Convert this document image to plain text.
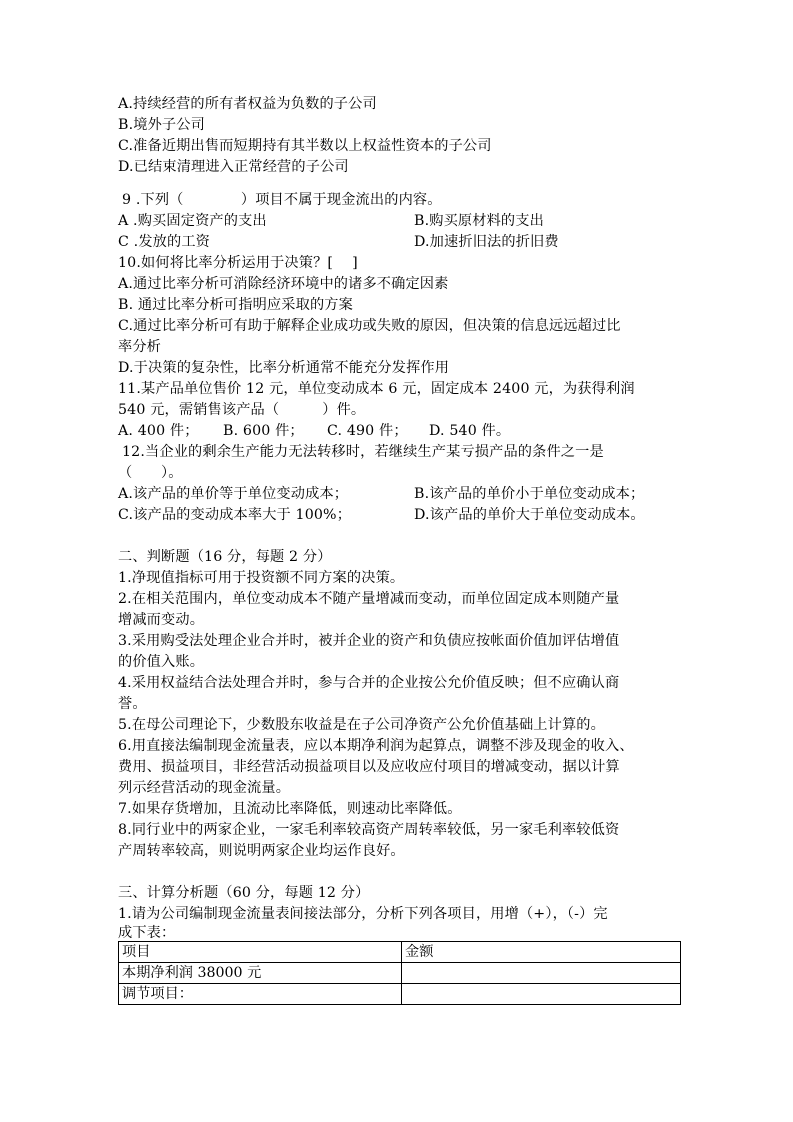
A.持续经营的所有者权益为负数的子公司
B.境外子公司
C.准备近期出售而短期持有其半数以上权益性资本的子公司
D.已结束清理进入正常经营的子公司
9 .下列（　　　　）项目不属于现金流出的内容。
A .购买固定资产的支出	B.购买原材料的支出
C .发放的工资	D.加速折旧法的折旧费
10.如何将比率分析运用于决策？[　 ]
A.通过比率分析可消除经济环境中的诸多不确定因素
B. 通过比率分析可指明应采取的方案
C.通过比率分析可有助于解释企业成功或失败的原因，但决策的信息远远超过比
率分析
D.于决策的复杂性，比率分析通常不能充分发挥作用
11.某产品单位售价 12 元，单位变动成本 6 元，固定成本 2400 元，为获得利润
540 元，需销售该产品（　　　）件。
A. 400 件； B. 600 件； C. 490 件； D. 540 件。
12.当企业的剩余生产能力无法转移时，若继续生产某亏损产品的条件之一是
（　　）。
A.该产品的单价等于单位变动成本；	B.该产品的单价小于单位变动成本；
C.该产品的变动成本率大于 100%；	D.该产品的单价大于单位变动成本。
二、判断题（16 分，每题 2 分）
1.净现值指标可用于投资额不同方案的决策。
2.在相关范围内，单位变动成本不随产量增减而变动，而单位固定成本则随产量
增减而变动。
3.采用购受法处理企业合并时，被并企业的资产和负债应按帐面价值加评估增值
的价值入账。
4.采用权益结合法处理合并时，参与合并的企业按公允价值反映；但不应确认商
誉。
5.在母公司理论下，少数股东收益是在子公司净资产公允价值基础上计算的。
6.用直接法编制现金流量表，应以本期净利润为起算点，调整不涉及现金的收入、
费用、损益项目，非经营活动损益项目以及应收应付项目的增减变动，据以计算
列示经营活动的现金流量。
7.如果存货增加，且流动比率降低，则速动比率降低。
8.同行业中的两家企业，一家毛利率较高资产周转率较低，另一家毛利率较低资
产周转率较高，则说明两家企业均运作良好。
三、计算分析题（60 分，每题 12 分）
1.请为公司编制现金流量表间接法部分，分析下列各项目，用增（+），（-）完
成下表：
项目	金额
本期净利润 38000 元	
调节项目：	
